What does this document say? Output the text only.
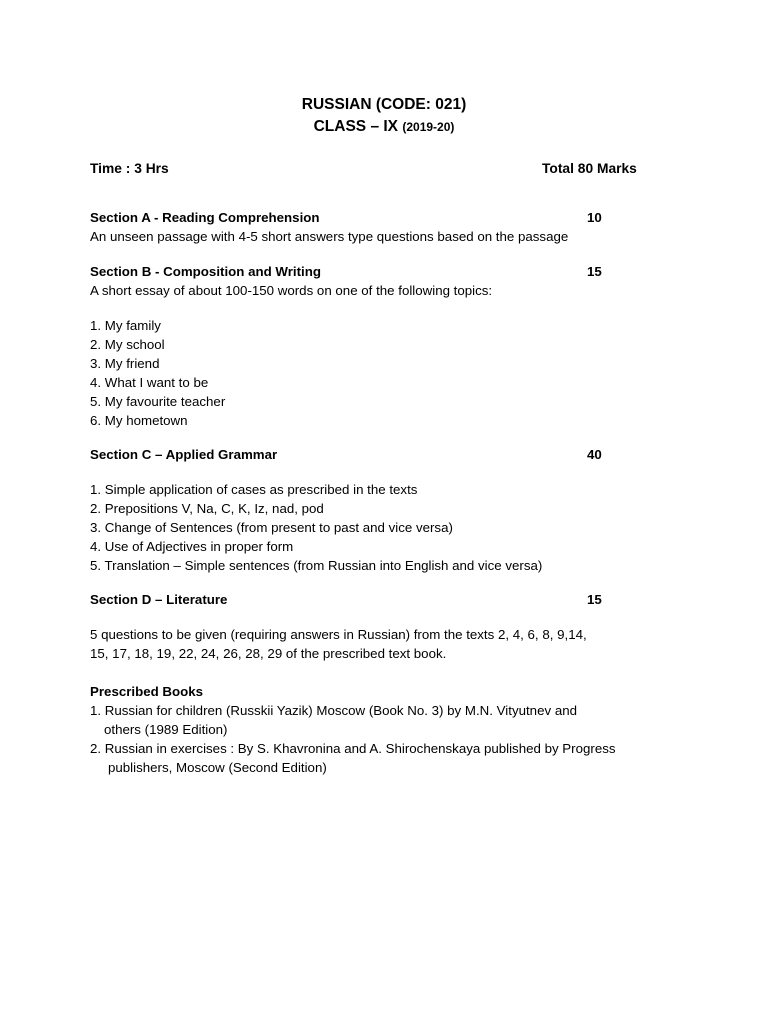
RUSSIAN (CODE: 021)
CLASS – IX (2019-20)
Time : 3 Hrs	Total 80 Marks
Section A - Reading Comprehension	10
An unseen passage with 4-5 short answers type questions based on the passage
Section B - Composition and Writing	15
A short essay of about 100-150 words on one of the following topics:
1. My family
2. My school
3. My friend
4. What I want to be
5. My favourite teacher
6. My hometown
Section C – Applied Grammar	40
1. Simple application of cases as prescribed in the texts
2. Prepositions V, Na, C, K, Iz, nad, pod
3. Change of Sentences (from present to past and vice versa)
4. Use of Adjectives in proper form
5. Translation – Simple sentences (from Russian into English and vice versa)
Section D – Literature	15
5 questions to be given (requiring answers in Russian) from the texts 2, 4, 6, 8, 9,14,
15, 17, 18, 19, 22, 24, 26, 28, 29 of the prescribed text book.
Prescribed Books
1. Russian for children (Russkii Yazik) Moscow (Book No. 3) by M.N. Vityutnev and
others (1989 Edition)
2. Russian in exercises : By S. Khavronina and A. Shirochenskaya published by Progress
publishers, Moscow (Second Edition)
